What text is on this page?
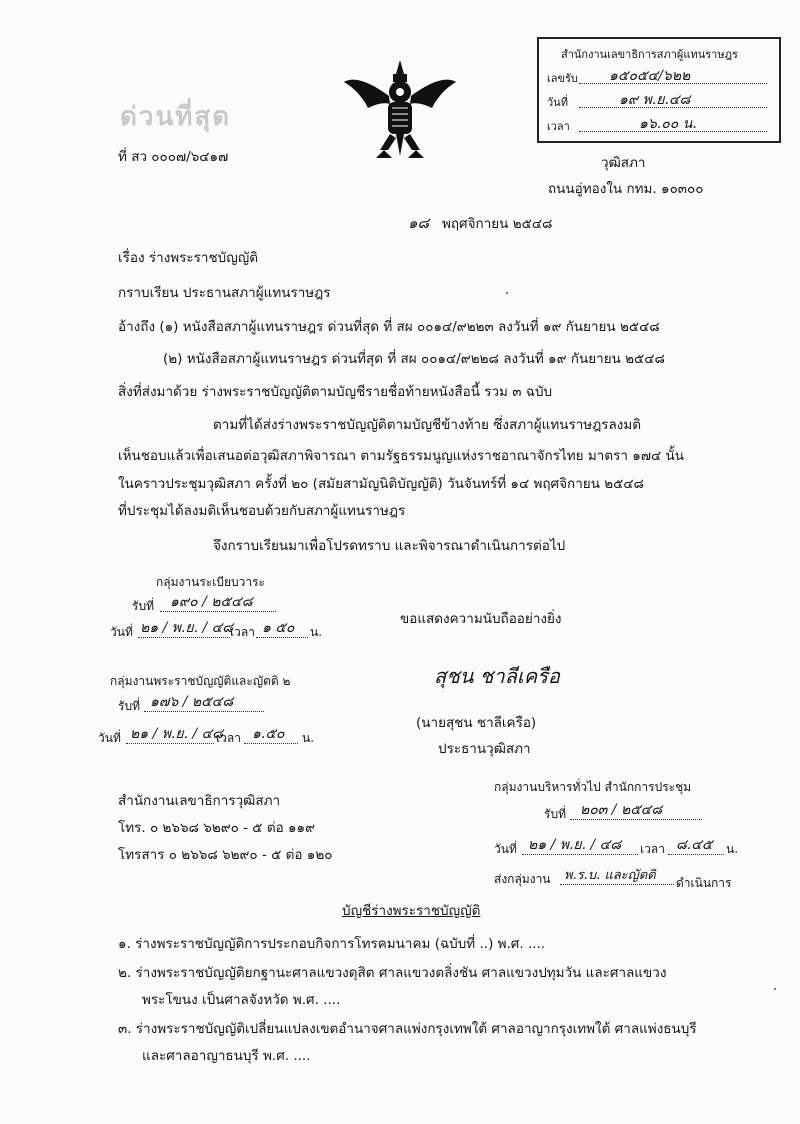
ด่วนที่สุด
สำนักงานเลขาธิการสภาผู้แทนราษฎร
เลขรับ ๑๕๐๕๔/๖๒๒
วันที่	๑๙ พ.ย.๔๘
เวลา	๑๖.๐๐ น.
ที่ สว ๐๐๐๗/๖๔๑๗	วุฒิสภา
ถนนอู่ทองใน กทม. ๑๐๓๐๐
๑๘ พฤศจิกายน ๒๕๔๘
เรื่อง ร่างพระราชบัญญัติ
กราบเรียน ประธานสภาผู้แทนราษฎร
อ้างถึง (๑) หนังสือสภาผู้แทนราษฎร ด่วนที่สุด ที่ สผ ๐๐๑๔/๙๒๒๓ ลงวันที่ ๑๙ กันยายน ๒๕๔๘
(๒) หนังสือสภาผู้แทนราษฎร ด่วนที่สุด ที่ สผ ๐๐๑๔/๙๒๒๘ ลงวันที่ ๑๙ กันยายน ๒๕๔๘
สิ่งที่ส่งมาด้วย ร่างพระราชบัญญัติตามบัญชีรายชื่อท้ายหนังสือนี้ รวม ๓ ฉบับ
ตามที่ได้ส่งร่างพระราชบัญญัติตามบัญชีข้างท้าย ซึ่งสภาผู้แทนราษฎรลงมติ
เห็นชอบแล้วเพื่อเสนอต่อวุฒิสภาพิจารณา ตามรัฐธรรมนูญแห่งราชอาณาจักรไทย มาตรา ๑๗๔ นั้น
ในคราวประชุมวุฒิสภา ครั้งที่ ๒๐ (สมัยสามัญนิติบัญญัติ) วันจันทร์ที่ ๑๔ พฤศจิกายน ๒๕๔๘
ที่ประชุมได้ลงมติเห็นชอบด้วยกับสภาผู้แทนราษฎร
จึงกราบเรียนมาเพื่อโปรดทราบ และพิจารณาดำเนินการต่อไป
กลุ่มงานระเบียบวาระ
รับที่ ๑๙๐ / ๒๕๔๘
วันที่ ๒๑ / พ.ย. / ๔๘
เวลา ๑ ๕๐ น.
กลุ่มงานพระราชบัญญัติและญัตติ ๒
รับที่ ๑๗๖ / ๒๕๔๘
วันที่ ๒๑ / พ.ย. / ๔๘
เวลา ๑.๕๐ น.
ขอแสดงความนับถืออย่างยิ่ง
สุชน ชาลีเครือ
(นายสุชน ชาลีเครือ)
ประธานวุฒิสภา
กลุ่มงานบริหารทั่วไป สำนักการประชุม
รับที่ ๒๐๓ / ๒๕๔๘
วันที่ ๒๑ / พ.ย. / ๔๘ เวลา ๘.๔๕ น.
ส่งกลุ่มงาน พ.ร.บ. และญัตติ ดำเนินการ
สำนักงานเลขาธิการวุฒิสภา
โทร. ๐ ๒๖๖๘ ๖๒๙๐ - ๕ ต่อ ๑๑๙
โทรสาร ๐ ๒๖๖๘ ๖๒๙๐ - ๕ ต่อ ๑๒๐
บัญชีร่างพระราชบัญญัติ
๑. ร่างพระราชบัญญัติการประกอบกิจการโทรคมนาคม (ฉบับที่ ..) พ.ศ. ....
๒. ร่างพระราชบัญญัติยกฐานะศาลแขวงดุสิต ศาลแขวงตลิ่งชัน ศาลแขวงปทุมวัน และศาลแขวง
พระโขนง เป็นศาลจังหวัด พ.ศ. ....
๓. ร่างพระราชบัญญัติเปลี่ยนแปลงเขตอำนาจศาลแพ่งกรุงเทพใต้ ศาลอาญากรุงเทพใต้ ศาลแพ่งธนบุรี
และศาลอาญาธนบุรี พ.ศ. ....
